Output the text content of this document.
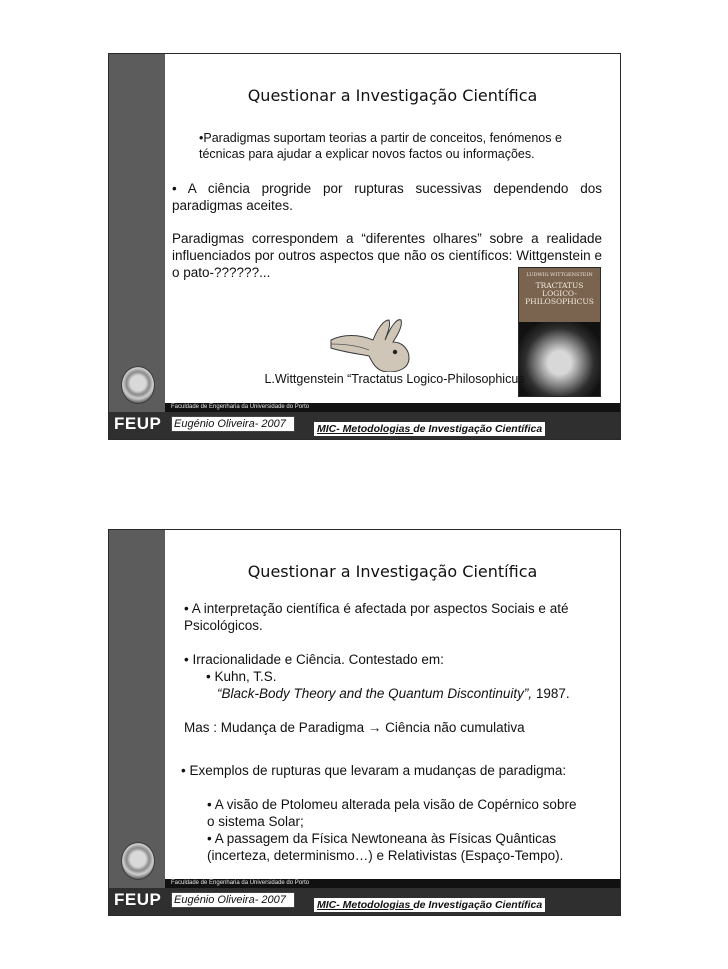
Faculdade de Engenharia da Universidade do Porto
FEUP
Questionar a Investigação Científica
•Paradigmas suportam teorias a partir de conceitos, fenómenos e técnicas para ajudar a explicar novos factos ou informações.
• A ciência progride por rupturas sucessivas dependendo dos paradigmas aceites.
Paradigmas correspondem a “diferentes olhares” sobre a realidade influenciados por outros aspectos que não os científicos: Wittgenstein e o pato-??????...	LUDWIG WITTGENSTEIN
TRACTATUS
LOGICO-
PHILOSOPHICUS
L.Wittgenstein “Tractatus Logico-Philosophicus
Eugénio Oliveira- 2007	MIC- Metodologias de Investigação Científica
Faculdade de Engenharia da Universidade do Porto
FEUP
Questionar a Investigação Científica
• A interpretação científica é afectada por aspectos Sociais e até Psicológicos.
• Irracionalidade e Ciência. Contestado em:
• Kuhn, T.S.
“Black-Body Theory and the Quantum Discontinuity”, 1987.
Mas : Mudança de Paradigma → Ciência não cumulativa
• Exemplos de rupturas que levaram a mudanças de paradigma:
• A visão de Ptolomeu alterada pela visão de Copérnico sobre o sistema Solar;
• A passagem da Física Newtoneana às Físicas Quânticas (incerteza, determinismo…) e Relativistas (Espaço-Tempo).
Eugénio Oliveira- 2007	MIC- Metodologias de Investigação Científica
